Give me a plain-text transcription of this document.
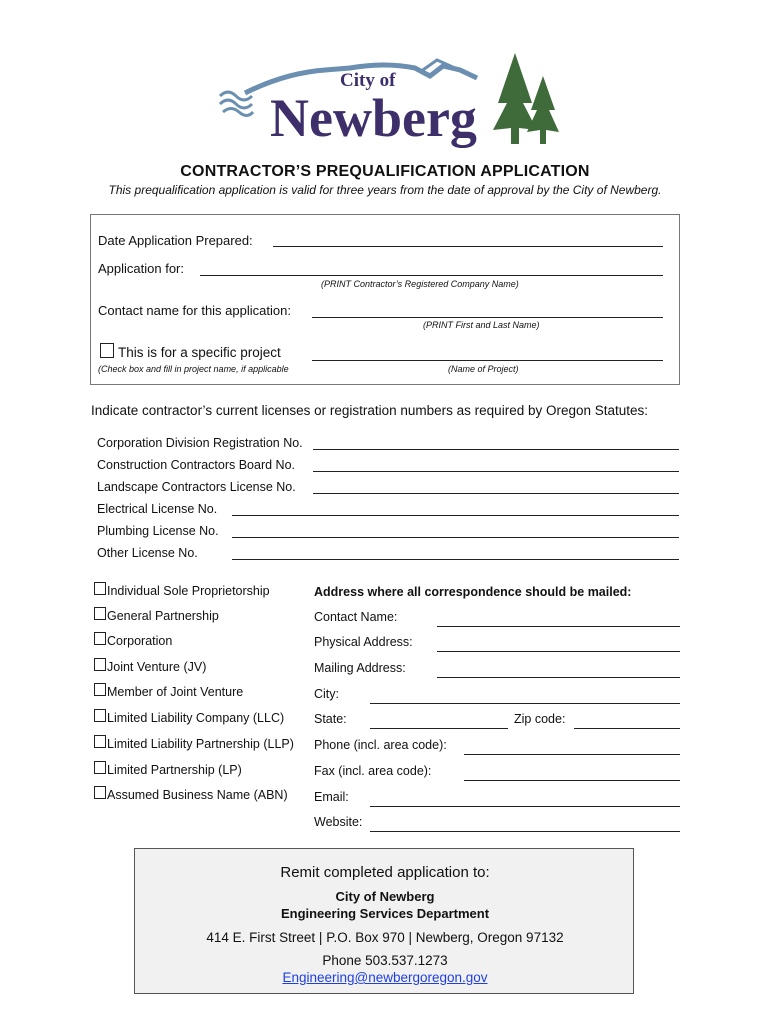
City of
Newberg
CONTRACTOR’S PREQUALIFICATION APPLICATION
This prequalification application is valid for three years from the date of approval by the City of Newberg.
Date Application Prepared:
Application for:
(PRINT Contractor’s Registered Company Name)
Contact name for this application:
(PRINT First and Last Name)
This is for a specific project
(Check box and fill in project name, if applicable	(Name of Project)
Indicate contractor’s current licenses or registration numbers as required by Oregon Statutes:
Corporation Division Registration No.
Construction Contractors Board No.
Landscape Contractors License No.
Electrical License No.
Plumbing License No.
Other License No.
Individual Sole Proprietorship
General Partnership
Corporation
Joint Venture (JV)
Member of Joint Venture
Limited Liability Company (LLC)
Limited Liability Partnership (LLP)
Limited Partnership (LP)
Assumed Business Name (ABN)
Address where all correspondence should be mailed:
Contact Name:
Physical Address:
Mailing Address:
City:
State:	Zip code:
Phone (incl. area code):
Fax (incl. area code):
Email:
Website:
Remit completed application to:
City of Newberg
Engineering Services Department
414 E. First Street | P.O. Box 970 | Newberg, Oregon 97132
Phone 503.537.1273
Engineering@newbergoregon.gov
